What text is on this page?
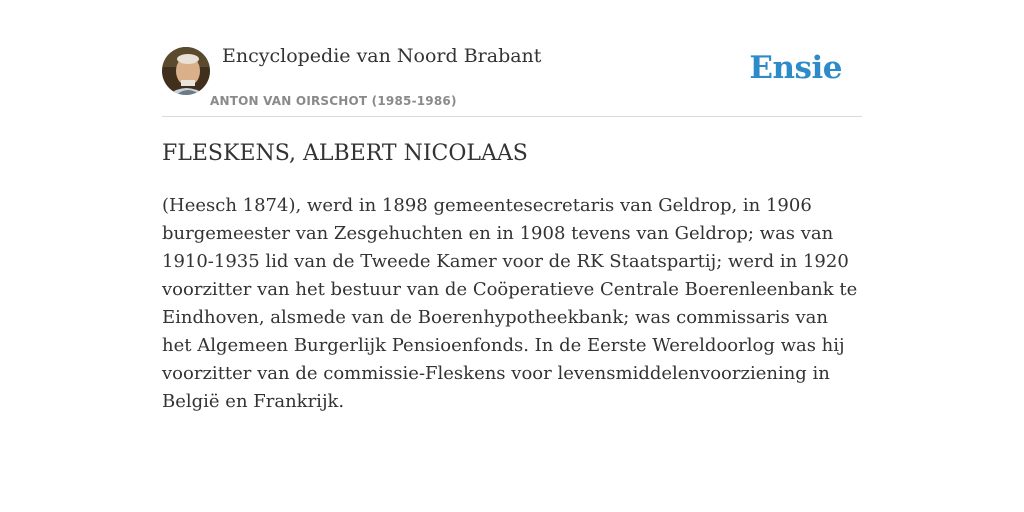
Encyclopedie van Noord Brabant
ANTON VAN OIRSCHOT (1985-1986)
Ensie
FLESKENS, ALBERT NICOLAAS

(Heesch 1874), werd in 1898 gemeentesecretaris van Geldrop, in 1906 burgemeester van Zesgehuchten en in 1908 tevens van Geldrop; was van 1910-1935 lid van de Tweede Kamer voor de RK Staatspartij; werd in 1920 voorzitter van het bestuur van de Coöperatieve Centrale Boerenleenbank te Eindhoven, alsmede van de Boerenhypotheekbank; was commissaris van het Algemeen Burgerlijk Pensioenfonds. In de Eerste Wereldoorlog was hij voorzitter van de commissie-Fleskens voor levensmiddelenvoorziening in België en Frankrijk.
